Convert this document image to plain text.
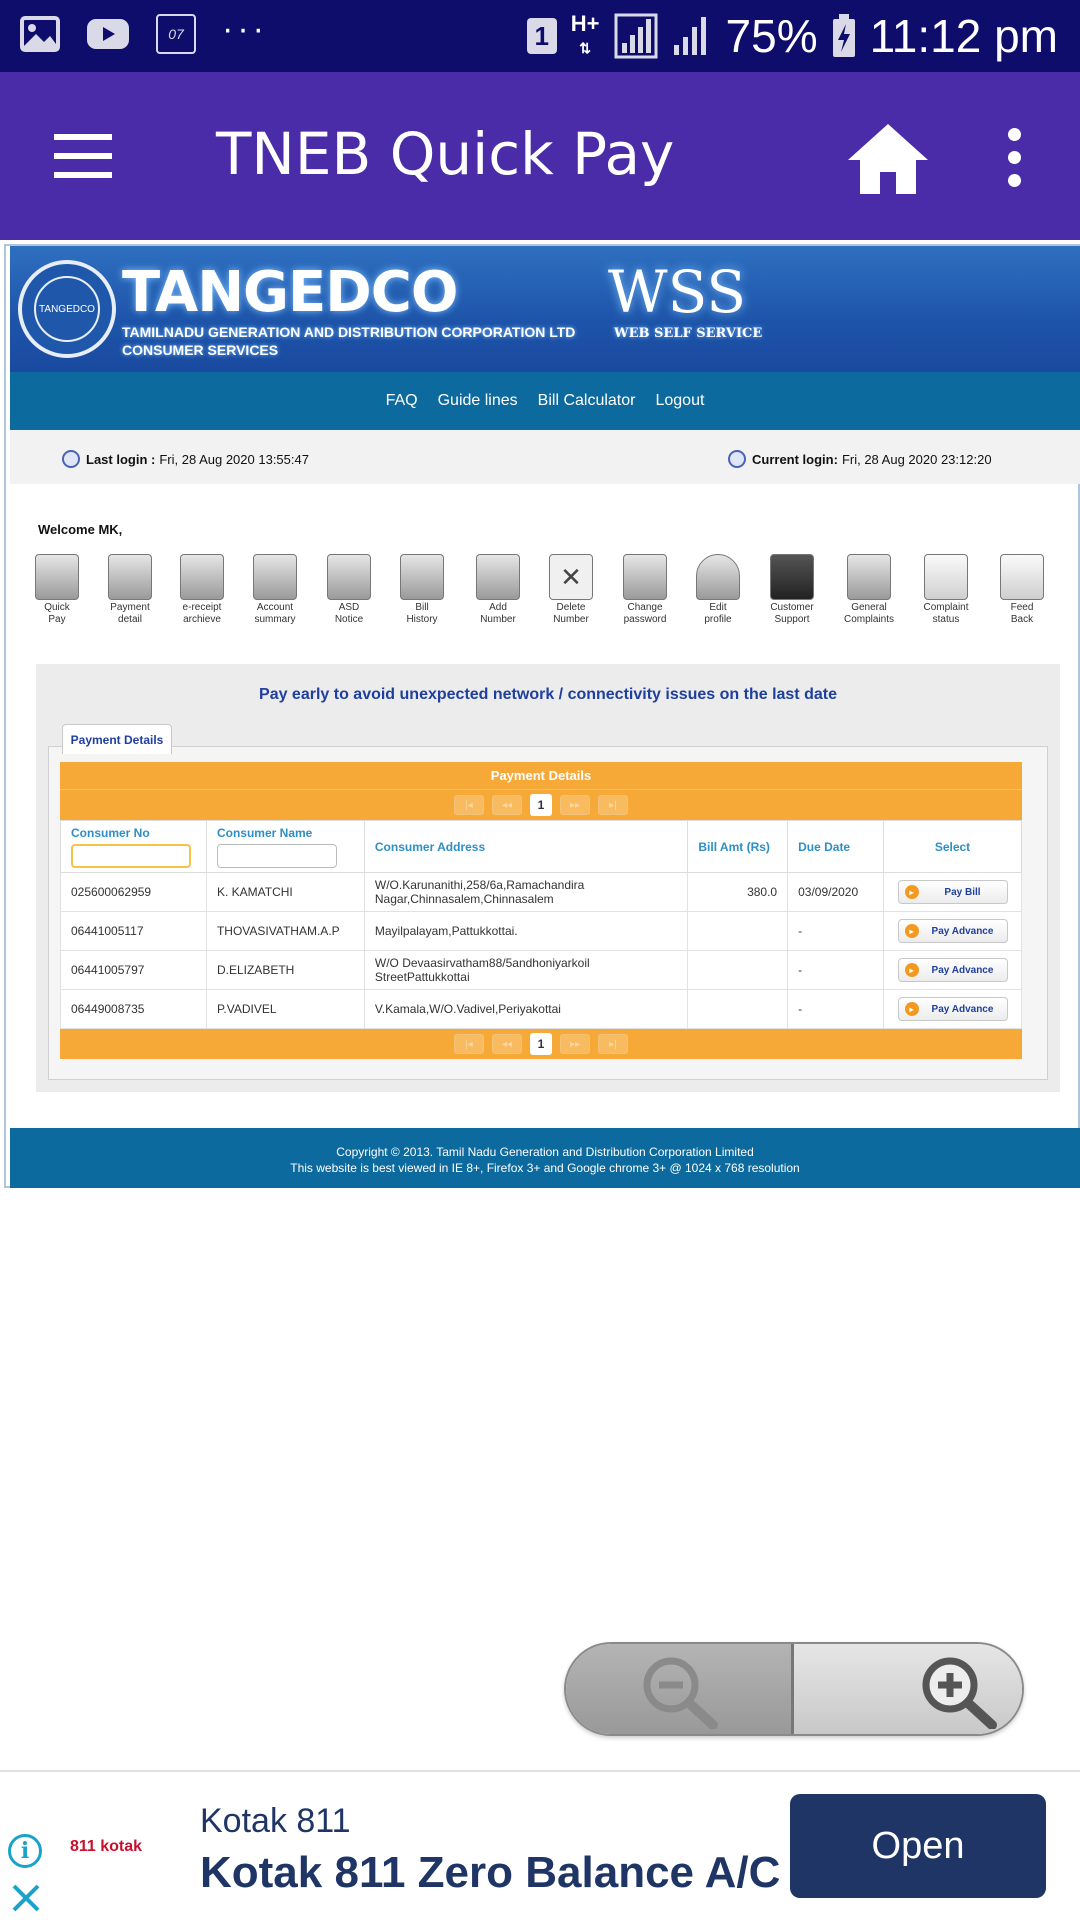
07 ···	1 H+
⇅	75% 11:12 pm
TNEB Quick Pay
TANGEDCO TANGEDCO
TAMILNADU GENERATION AND DISTRIBUTION CORPORATION LTD
CONSUMER SERVICES
WSS
WEB SELF SERVICE
FAQ Guide lines Bill Calculator Logout
Last login : Fri, 28 Aug 2020 13:55:47	Current login: Fri, 28 Aug 2020 23:12:20
Welcome MK,
Quick
Pay
Payment
detail
e-receipt
archieve
Account
summary
ASD
Notice
Bill
History
Add
Number
✕
Delete
Number
Change
password
Edit
profile
Customer
Support
General
Complaints
Complaint
status
Feed
Back
Pay early to avoid unexpected network / connectivity issues on the last date
Payment Details
Payment Details
|◂	◂◂	1	▸▸	▸|
Consumer No	Consumer Name	Consumer Address	Bill Amt (Rs)	Due Date	Select
025600062959	K. KAMATCHI	W/O.Karunanithi,258/6a,Ramachandira Nagar,Chinnasalem,Chinnasalem	380.0	03/09/2020	▸ Pay Bill

06441005117	THOVASIVATHAM.A.P	Mayilpalayam,Pattukkottai.		-	▸ Pay Advance

06441005797	D.ELIZABETH	W/O Devaasirvatham88/5andhoniyarkoil StreetPattukkottai		-	▸ Pay Advance

06449008735	P.VADIVEL	V.Kamala,W/O.Vadivel,Periyakottai		-	▸ Pay Advance
|◂	◂◂	1	▸▸	▸|
Copyright © 2013. Tamil Nadu Generation and Distribution Corporation Limited
This website is best viewed in IE 8+, Firefox 3+ and Google chrome 3+ @ 1024 x 768 resolution
i	811 kotak
Kotak 811
Kotak 811 Zero Balance A/C
Open
